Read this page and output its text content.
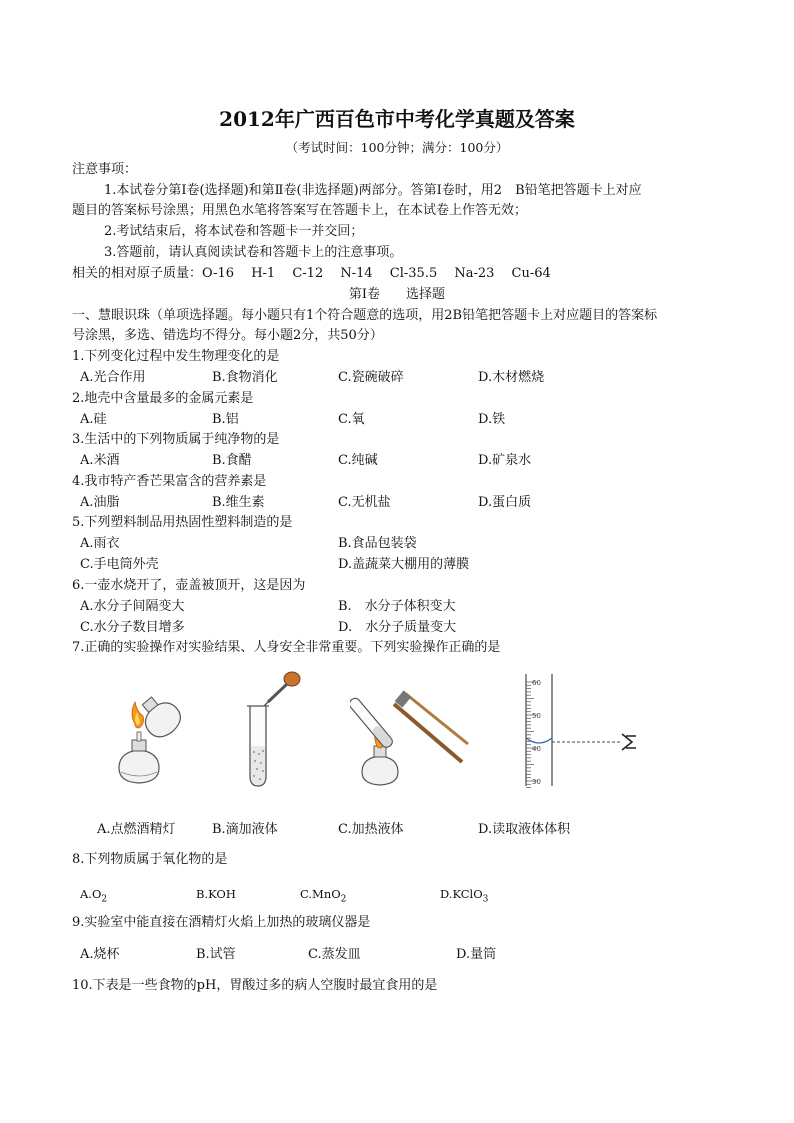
2012年广西百色市中考化学真题及答案
（考试时间：100分钟；满分：100分）
注意事项：
1.本试卷分第Ⅰ卷(选择题)和第Ⅱ卷(非选择题)两部分。答第Ⅰ卷时，用2　B铅笔把答题卡上对应
题目的答案标号涂黑；用黑色水笔将答案写在答题卡上，在本试卷上作答无效；
2.考试结束后，将本试卷和答题卡一并交回；
3.答题前，请认真阅读试卷和答题卡上的注意事项。
相关的相对原子质量：O-16　 H-1　 C-12　 N-14　 Cl-35.5　 Na-23　 Cu-64
第Ⅰ卷　　选择题
一、慧眼识珠（单项选择题。每小题只有1个符合题意的选项，用2B铅笔把答题卡上对应题目的答案标
号涂黑，多选、错选均不得分。每小题2分，共50分）
1.下列变化过程中发生物理变化的是
A.光合作用	B.食物消化	C.瓷碗破碎	D.木材燃烧
2.地壳中含量最多的金属元素是
A.硅	B.铝	C.氧	D.铁
3.生活中的下列物质属于纯净物的是
A.米酒	B.食醋	C.纯碱	D.矿泉水
4.我市特产香芒果富含的营养素是
A.油脂	B.维生素	C.无机盐	D.蛋白质
5.下列塑料制品用热固性塑料制造的是
A.雨衣	B.食品包装袋
C.手电筒外壳	D.盖蔬菜大棚用的薄膜
6.一壶水烧开了，壶盖被顶开，这是因为
A.水分子间隔变大	B.　水分子体积变大
C.水分子数目增多	D.　水分子质量变大
7.正确的实验操作对实验结果、人身安全非常重要。下列实验操作正确的是
60
50
40
30
A.点燃酒精灯	B.滴加液体	C.加热液体	D.读取液体体积
8.下列物质属于氧化物的是
$A.O_2$	B.KOH	C.MnO$_2$	D.KClO$_3$
9.实验室中能直接在酒精灯火焰上加热的玻璃仪器是
A.烧杯	B.试管	C.蒸发皿	D.量筒
10.下表是一些食物的pH，胃酸过多的病人空腹时最宜食用的是
